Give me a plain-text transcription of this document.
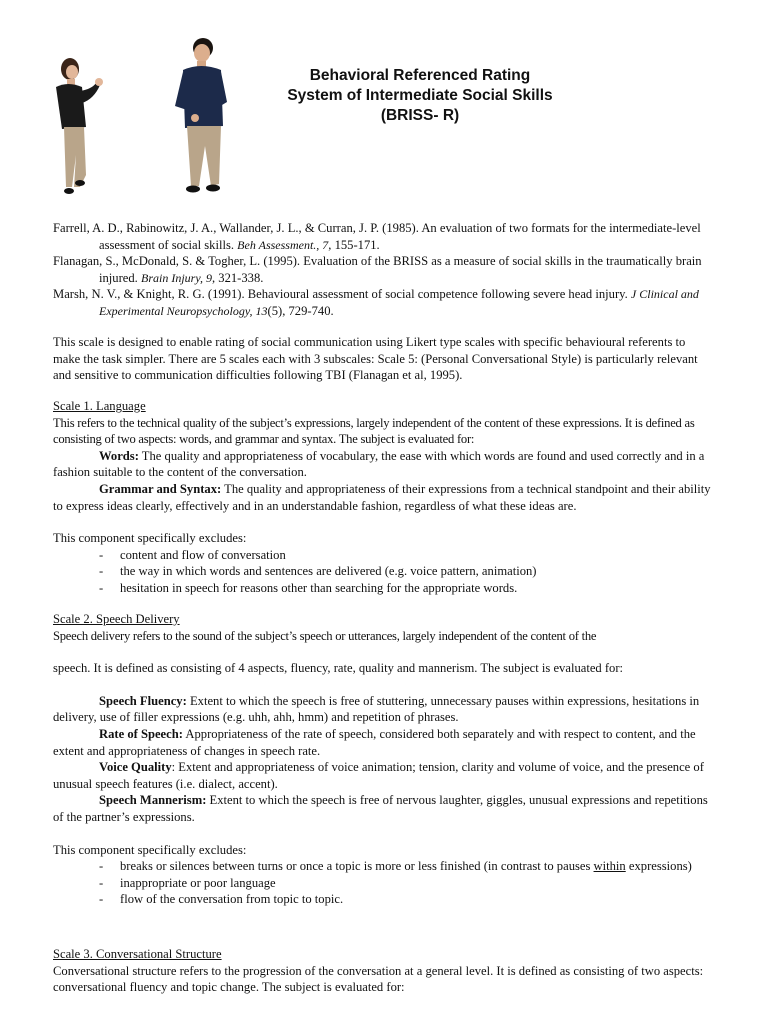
Behavioral Referenced Rating
System of Intermediate Social Skills
(BRISS- R)

Farrell, A. D., Rabinowitz, J. A., Wallander, J. L., & Curran, J. P. (1985). An evaluation of two formats for the intermediate-level assessment of social skills. Beh Assessment., 7, 155-171.

Flanagan, S., McDonald, S. & Togher, L. (1995). Evaluation of the BRISS as a measure of social skills in the traumatically brain injured. Brain Injury, 9, 321-338.

Marsh, N. V., & Knight, R. G. (1991). Behavioural assessment of social competence following severe head injury. J Clinical and Experimental Neuropsychology, 13(5), 729-740.

This scale is designed to enable rating of social communication using Likert type scales with specific behavioural referents to make the task simpler. There are 5 scales each with 3 subscales: Scale 5: (Personal Conversational Style) is particularly relevant and sensitive to communication difficulties following TBI (Flanagan et al, 1995).

Scale 1. Language

This refers to the technical quality of the subject’s expressions, largely independent of the content of these expressions. It is defined as consisting of two aspects: words, and grammar and syntax. The subject is evaluated for:

Words: The quality and appropriateness of vocabulary, the ease with which words are found and used correctly and in a fashion suitable to the content of the conversation.

Grammar and Syntax: The quality and appropriateness of their expressions from a technical standpoint and their ability to express ideas clearly, effectively and in an understandable fashion, regardless of what these ideas are.

This component specifically excludes:

- content and flow of conversation
- the way in which words and sentences are delivered (e.g. voice pattern, animation)
- hesitation in speech for reasons other than searching for the appropriate words.

Scale 2. Speech Delivery

Speech delivery refers to the sound of the subject’s speech or utterances, largely independent of the content of the

speech. It is defined as consisting of 4 aspects, fluency, rate, quality and mannerism. The subject is evaluated for:

Speech Fluency: Extent to which the speech is free of stuttering, unnecessary pauses within expressions, hesitations in delivery, use of filler expressions (e.g. uhh, ahh, hmm) and repetition of phrases.

Rate of Speech: Appropriateness of the rate of speech, considered both separately and with respect to content, and the extent and appropriateness of changes in speech rate.

Voice Quality: Extent and appropriateness of voice animation; tension, clarity and volume of voice, and the presence of unusual speech features (i.e. dialect, accent).

Speech Mannerism: Extent to which the speech is free of nervous laughter, giggles, unusual expressions and repetitions of the partner’s expressions.

This component specifically excludes:

- breaks or silences between turns or once a topic is more or less finished (in contrast to pauses within expressions)
- inappropriate or poor language
- flow of the conversation from topic to topic.

Scale 3. Conversational Structure

Conversational structure refers to the progression of the conversation at a general level. It is defined as consisting of two aspects: conversational fluency and topic change. The subject is evaluated for:
